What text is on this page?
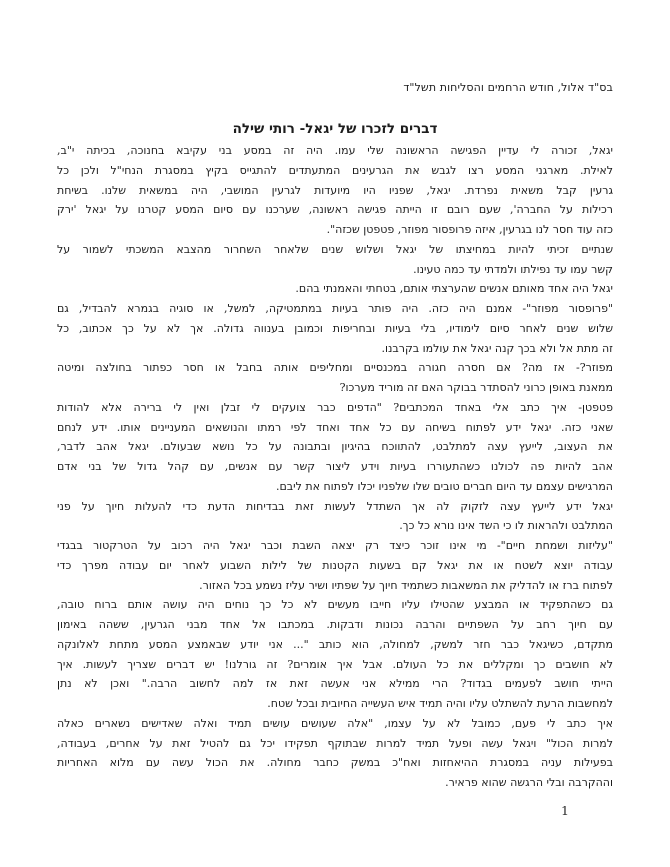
בס"ד אלול, חודש הרחמים והסליחות תשל"ד
דברים לזכרו של יגאל- רותי שילה
יגאל, זכורה לי עדיין הפגישה הראשונה שלי עמו. היה זה במסע בני עקיבא בחנוכה, בכיתה י"ב,
לאילת. מארגני המסע רצו לגבש את הגרעינים המתעתדים להתגייס בקיץ במסגרת הנחי"ל ולכן כל
גרעין קבל משאית נפרדת. יגאל, שפניו היו מיועדות לגרעין המושבי, היה במשאית שלנו. בשיחת
רכילות על החברה', שעם רובם זו הייתה פגישה ראשונה, שערכנו עם סיום המסע קטרנו על יגאל 'ירק
כזה עוד חסר לנו בגרעין, איזה פרופסור מפוזר, פטפטן שכזה".
שנתיים זכיתי להיות במחיצתו של יגאל ושלוש שנים שלאחר השחרור מהצבא המשכתי לשמור על
קשר עמו עד נפילתו ולמדתי עד כמה טעינו.
יגאל היה אחד מאותם אנשים שהערצתי אותם, בטחתי והאמנתי בהם.
"פרופסור מפוזר"- אמנם היה כזה. היה פותר בעיות במתמטיקה, למשל, או סוגיה בגמרא להבדיל, גם
שלוש שנים לאחר סיום לימודיו, בלי בעיות ובחריפות וכמובן בענווה גדולה. אך לא על כך אכתוב, כל
זה מתת אל ולא בכך קנה יגאל את עולמו בקרבנו.
מפוזר?- אז מה? אם חסרה חגורה במכנסיים ומחליפים אותה בחבל או חסר כפתור בחולצה ומיטה
ממאנת באופן כרוני להסתדר בבוקר האם זה מוריד מערכו?
פטפטן- איך כתב אלי באחד המכתבים? "הדפים כבר צועקים לי זבלן ואין לי ברירה אלא להודות
שאני כזה. יגאל ידע לפתוח בשיחה עם כל אחד ואחד לפי רמתו והנושאים המעניינים אותו. ידע לנחם
את העצוב, לייעץ עצה למתלבט, להתווכח בהיגיון ובתבונה על כל נושא שבעולם. יגאל אהב לדבר,
אהב להיות פה לכולנו כשהתעוררו בעיות וידע ליצור קשר עם אנשים, עם קהל גדול של בני אדם
המרגישים עצמם עד היום חברים טובים שלו שלפניו יכלו לפתוח את ליבם.
יגאל ידע לייעץ עצה לזקוק לה אך השתדל לעשות זאת בבדיחות הדעת כדי להעלות חיוך על פני
המתלבט ולהראות לו כי השד אינו נורא כל כך.
"עליזות ושמחת חיים"- מי אינו זוכר כיצד רק יצאה השבת וכבר יגאל היה רכוב על הטרקטור בבגדי
עבודה יוצא לשטח או את יגאל קם בשעות הקטנות של לילות השבוע לאחר יום עבודה מפרך כדי
לפתוח ברז או להדליק את המשאבות כשתמיד חיוך על שפתיו ושיר עליז נשמע בכל האזור.
גם כשהתפקיד או המבצע שהטילו עליו חייבו מעשים לא כל כך נוחים היה עושה אותם ברוח טובה,
עם חיוך רחב על השפתיים והרבה נכונות ודבקות. במכתבו אל אחד מבני הגרעין, ששהה באימון
מתקדם, כשיגאל כבר חזר למשק, למחולה, הוא כותב "... אני יודע שבאמצע המסע מתחת לאלונקה
לא חושבים כך ומקללים את כל העולם. אבל איך אומרים? זה גורלנו! יש דברים שצריך לעשות. איך
הייתי חושב לפעמים בגדוד? הרי ממילא אני אעשה זאת אז למה לחשוב הרבה." ואכן לא נתן
למחשבות הרעת להשתלט עליו והיה תמיד איש העשייה החיובית ובכל שטח.
איך כתב לי פעם, כמובל לא על עצמו, "אלה שעושים עושים תמיד ואלה שאדישים נשארים כאלה
למרות הכול" ויגאל עשה ופעל תמיד למרות שבתוקף תפקידו יכל גם להטיל זאת על אחרים, בעבודה,
בפעילות עניה במסגרת ההיאחזות ואח"כ במשק כחבר מחולה. את הכול עשה עם מלוא האחריות
וההקרבה ובלי הרגשה שהוא פראיר.
1
